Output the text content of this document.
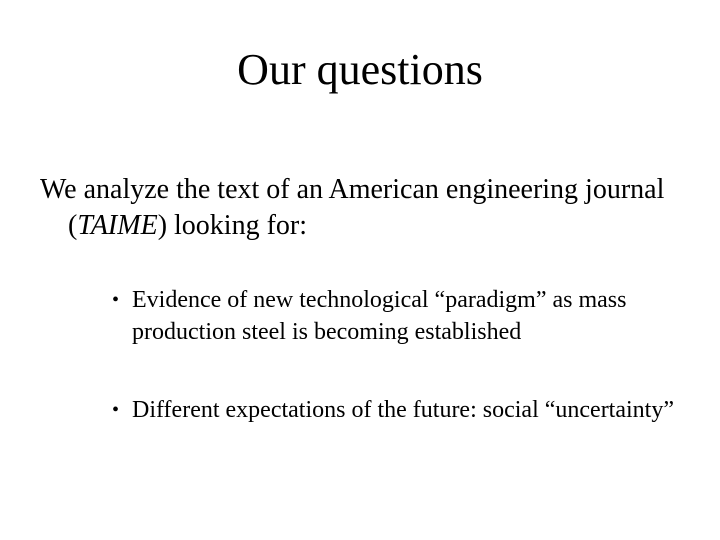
Our questions

We analyze the text of an American engineering journal (TAIME) looking for:

• Evidence of new technological “paradigm” as mass production steel is becoming established
• Different expectations of the future: social “uncertainty”
